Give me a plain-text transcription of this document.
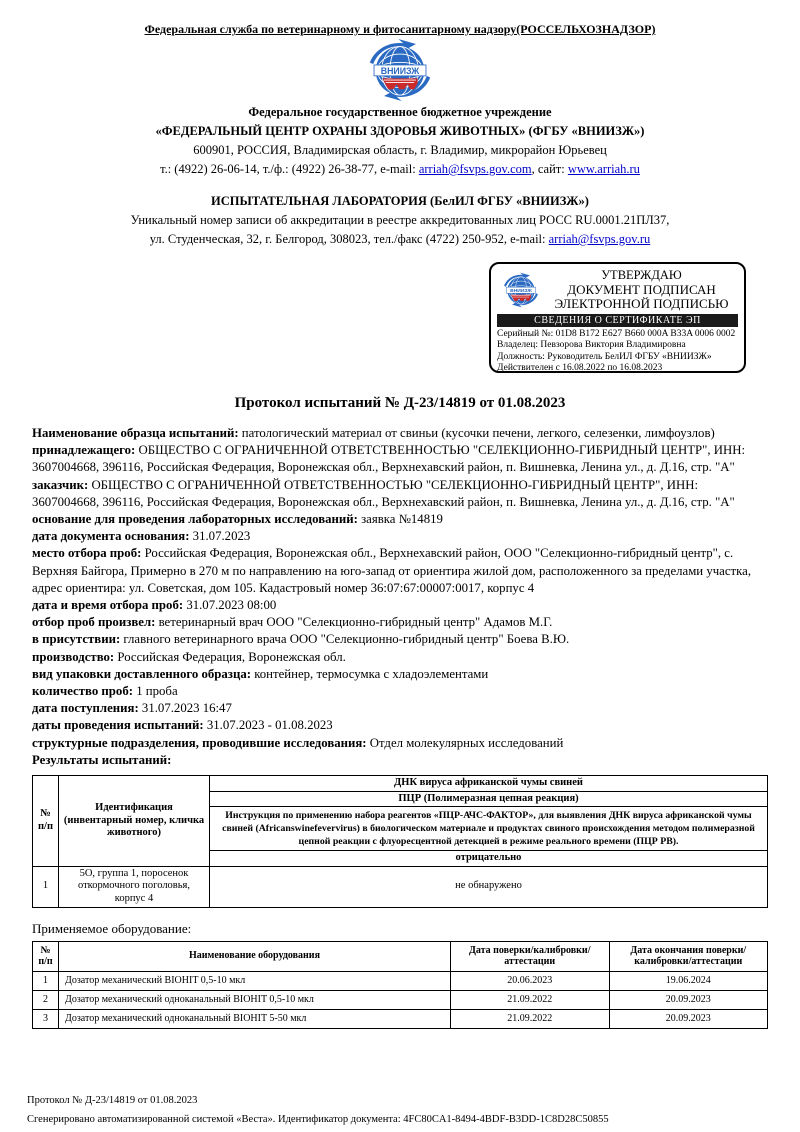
Федеральная служба по ветеринарному и фитосанитарному надзору(РОССЕЛЬХОЗНАДЗОР)
Федеральное государственное бюджетное учреждение
«ФЕДЕРАЛЬНЫЙ ЦЕНТР ОХРАНЫ ЗДОРОВЬЯ ЖИВОТНЫХ» (ФГБУ «ВНИИЗЖ»)
600901, РОССИЯ, Владимирская область, г. Владимир, микрорайон Юрьевец
т.: (4922) 26-06-14, т./ф.: (4922) 26-38-77, e-mail: arriah@fsvps.gov.com, сайт: www.arriah.ru
ИСПЫТАТЕЛЬНАЯ ЛАБОРАТОРИЯ (БелИЛ ФГБУ «ВНИИЗЖ»)
Уникальный номер записи об аккредитации в реестре аккредитованных лиц РОСС RU.0001.21ПЛ37,
ул. Студенческая, 32, г. Белгород, 308023, тел./факс (4722) 250-952, e-mail: arriah@fsvps.gov.ru
УТВЕРЖДАЮ
ДОКУМЕНТ ПОДПИСАН
ЭЛЕКТРОННОЙ ПОДПИСЬЮ
СВЕДЕНИЯ О СЕРТИФИКАТЕ ЭП
Серийный №: 01D8 B172 E627 B660 000A B33A 0006 0002
Владелец: Певзорова Виктория Владимировна
Должность: Руководитель БелИЛ ФГБУ «ВНИИЗЖ»
Действителен с 16.08.2022 по 16.08.2023
Протокол испытаний № Д-23/14819 от 01.08.2023

Наименование образца испытаний: патологический материал от свиньи (кусочки печени, легкого, селезенки, лимфоузлов)

принадлежащего: ОБЩЕСТВО С ОГРАНИЧЕННОЙ ОТВЕТСТВЕННОСТЬЮ "СЕЛЕКЦИОННО-ГИБРИДНЫЙ ЦЕНТР", ИНН: 3607004668, 396116, Российская Федерация, Воронежская обл., Верхнехавский район, п. Вишневка, Ленина ул., д. Д.16, стр. "А"

заказчик: ОБЩЕСТВО С ОГРАНИЧЕННОЙ ОТВЕТСТВЕННОСТЬЮ "СЕЛЕКЦИОННО-ГИБРИДНЫЙ ЦЕНТР", ИНН: 3607004668, 396116, Российская Федерация, Воронежская обл., Верхнехавский район, п. Вишневка, Ленина ул., д. Д.16, стр. "А"

основание для проведения лабораторных исследований: заявка №14819

дата документа основания: 31.07.2023

место отбора проб: Российская Федерация, Воронежская обл., Верхнехавский район, ООО "Селекционно-гибридный центр", с. Верхняя Байгора, Примерно в 270 м по направлению на юго-запад от ориентира жилой дом, расположенного за пределами участка, адрес ориентира: ул. Советская, дом 105. Кадастровый номер 36:07:67:00007:0017, корпус 4

дата и время отбора проб: 31.07.2023 08:00

отбор проб произвел: ветеринарный врач ООО "Селекционно-гибридный центр" Адамов М.Г.

в присутствии: главного ветеринарного врача ООО "Селекционно-гибридный центр" Боева В.Ю.

производство: Российская Федерация, Воронежская обл.

вид упаковки доставленного образца: контейнер, термосумка с хладоэлементами

количество проб: 1 проба

дата поступления: 31.07.2023 16:47

даты проведения испытаний: 31.07.2023 - 01.08.2023

структурные подразделения, проводившие исследования: Отдел молекулярных исследований

Результаты испытаний:

№ п/п	Идентификация (инвентарный номер, кличка животного)	ДНК вируса африканской чумы свиней
		ПЦР (Полимеразная цепная реакция)
		Инструкция по применению набора реагентов «ПЦР-АЧС-ФАКТОР», для выявления ДНК вируса африканской чумы свиней (Africanswinefevervirus) в биологическом материале и продуктах свиного происхождения методом полимеразной цепной реакции с флуоресцентной детекцией в режиме реального времени (ПЦР РВ).
		отрицательно
1	5О, группа 1, поросенок откормочного поголовья, корпус 4	не обнаружено
Применяемое оборудование:
№ п/п	Наименование оборудования	Дата поверки/калибровки/аттестации	Дата окончания поверки/калибровки/аттестации
1	Дозатор механический BIOHIT 0,5-10 мкл	20.06.2023	19.06.2024
2	Дозатор механический одноканальный BIOHIT 0,5-10 мкл	21.09.2022	20.09.2023
3	Дозатор механический одноканальный BIOHIT 5-50 мкл	21.09.2022	20.09.2023
Протокол № Д-23/14819 от 01.08.2023
Сгенерировано автоматизированной системой «Веста». Идентификатор документа: 4FC80CA1-8494-4BDF-B3DD-1C8D28C50855
